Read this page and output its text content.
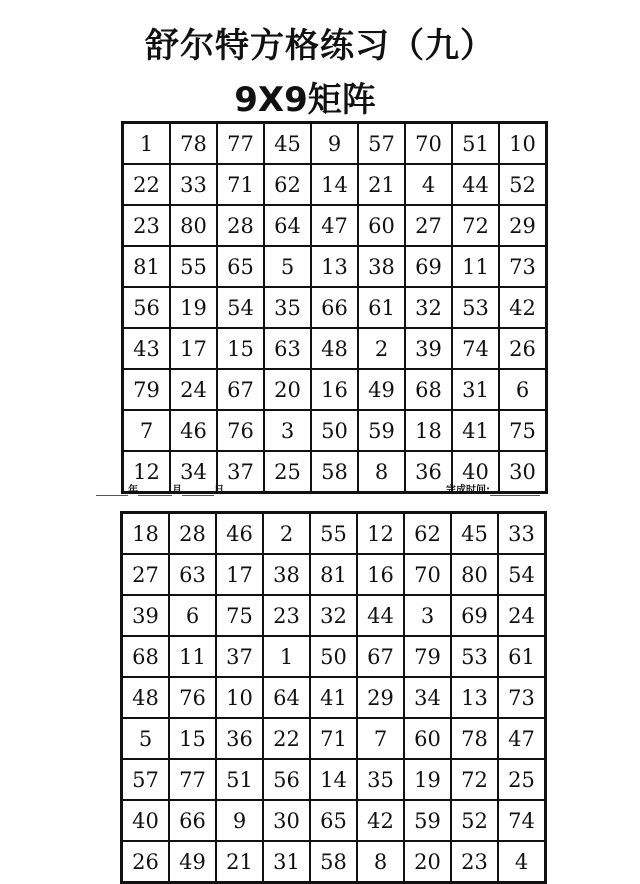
舒尔特方格练习（九）
9X9矩阵
1	78	77	45	9	57	70	51	10
22	33	71	62	14	21	4	44	52
23	80	28	64	47	60	27	72	29
81	55	65	5	13	38	69	11	73
56	19	54	35	66	61	32	53	42
43	17	15	63	48	2	39	74	26
79	24	67	20	16	49	68	31	6
7	46	76	3	50	59	18	41	75
12	34	37	25	58	8	36	40	30
年	月	日	完成时间:
18	28	46	2	55	12	62	45	33
27	63	17	38	81	16	70	80	54
39	6	75	23	32	44	3	69	24
68	11	37	1	50	67	79	53	61
48	76	10	64	41	29	34	13	73
5	15	36	22	71	7	60	78	47
57	77	51	56	14	35	19	72	25
40	66	9	30	65	42	59	52	74
26	49	21	31	58	8	20	23	4
